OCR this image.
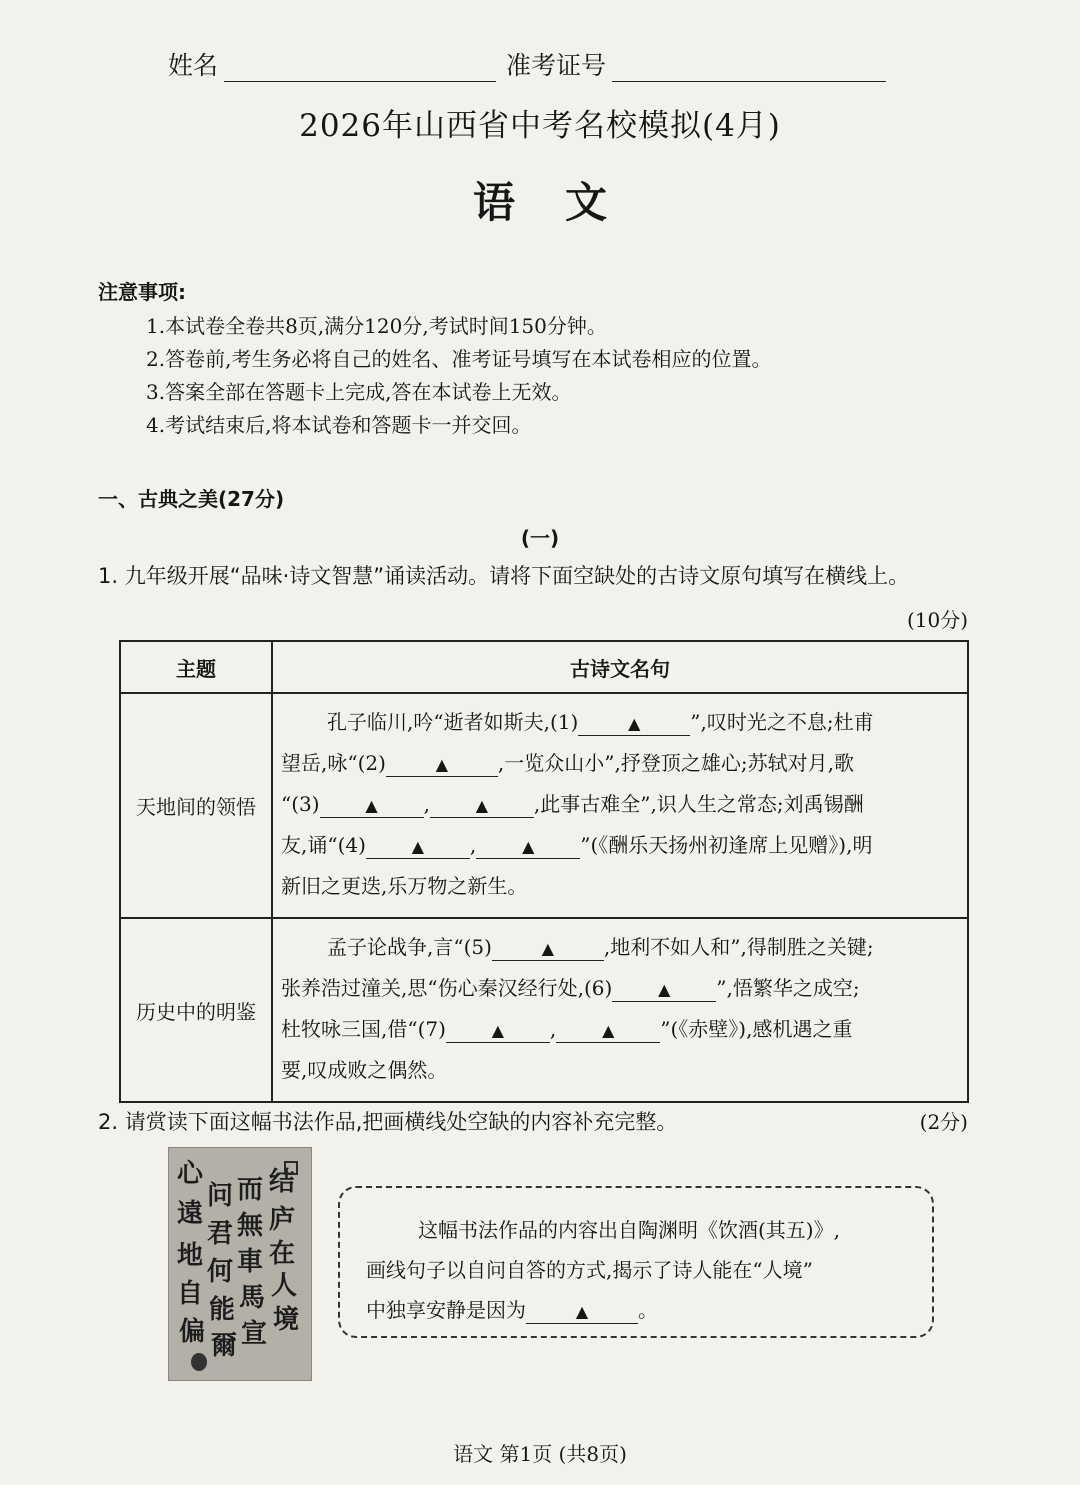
姓名	准考证号
2026年山西省中考名校模拟(4月)
语文
注意事项:
1.本试卷全卷共8页,满分120分,考试时间150分钟。
2.答卷前,考生务必将自己的姓名、准考证号填写在本试卷相应的位置。
3.答案全部在答题卡上完成,答在本试卷上无效。
4.考试结束后,将本试卷和答题卡一并交回。
一、古典之美(27分)
(一)
1. 九年级开展“品味·诗文智慧”诵读活动。请将下面空缺处的古诗文原句填写在横线上。
(10分)
主题	古诗文名句
天地间的领悟	孔子临川,吟“逝者如斯夫,(1) ▲ ”,叹时光之不息;杜甫
望岳,咏“(2) ▲ ,一览众山小”,抒登顶之雄心;苏轼对月,歌
“(3) ▲ , ▲ ,此事古难全”,识人生之常态;刘禹锡酬
友,诵“(4) ▲ , ▲ ”(《酬乐天扬州初逢席上见赠》),明
新旧之更迭,乐万物之新生。
历史中的明鉴	孟子论战争,言“(5) ▲ ,地利不如人和”,得制胜之关键;
张养浩过潼关,思“伤心秦汉经行处,(6) ▲ ”,悟繁华之成空;
杜牧咏三国,借“(7) ▲ , ▲ ”(《赤壁》),感机遇之重
要,叹成败之偶然。
2. 请赏读下面这幅书法作品,把画横线处空缺的内容补充完整。	(2分)
结
庐
在
人
境
而
無
車
馬
宣
问
君
何
能
爾
心
遠
地
自
偏
这幅书法作品的内容出自陶渊明《饮酒(其五)》,
画线句子以自问自答的方式,揭示了诗人能在“人境”
中独享安静是因为	▲ 。
语文 第1页 (共8页)
